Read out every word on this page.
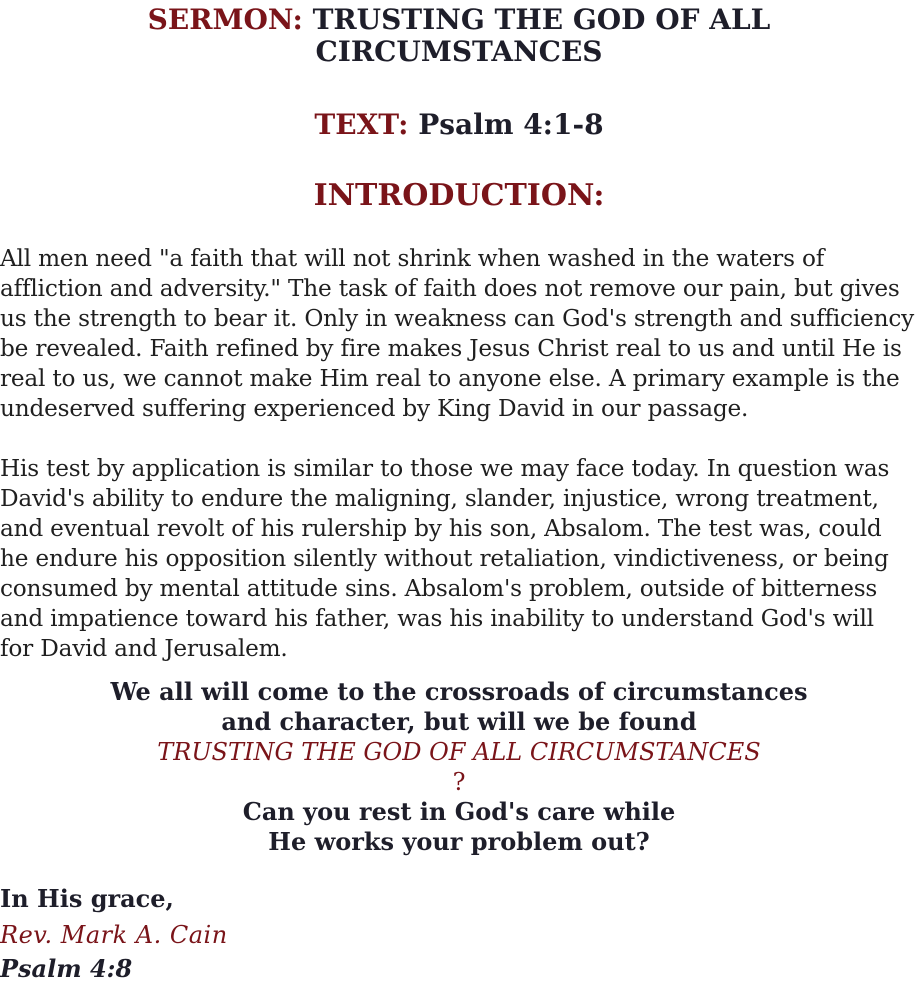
SERMON: TRUSTING THE GOD OF ALL
CIRCUMSTANCES
TEXT: Psalm 4:1-8
INTRODUCTION:
All men need "a faith that will not shrink when washed in the waters of
affliction and adversity." The task of faith does not remove our pain, but gives
us the strength to bear it. Only in weakness can God's strength and sufficiency
be revealed. Faith refined by fire makes Jesus Christ real to us and until He is
real to us, we cannot make Him real to anyone else. A primary example is the
undeserved suffering experienced by King David in our passage.
His test by application is similar to those we may face today. In question was
David's ability to endure the maligning, slander, injustice, wrong treatment,
and eventual revolt of his rulership by his son, Absalom. The test was, could
he endure his opposition silently without retaliation, vindictiveness, or being
consumed by mental attitude sins. Absalom's problem, outside of bitterness
and impatience toward his father, was his inability to understand God's will
for David and Jerusalem.
We all will come to the crossroads of circumstances
and character, but will we be found
TRUSTING THE GOD OF ALL CIRCUMSTANCES
?
Can you rest in God's care while
He works your problem out?
In His grace,
Rev. Mark A. Cain
Psalm 4:8
